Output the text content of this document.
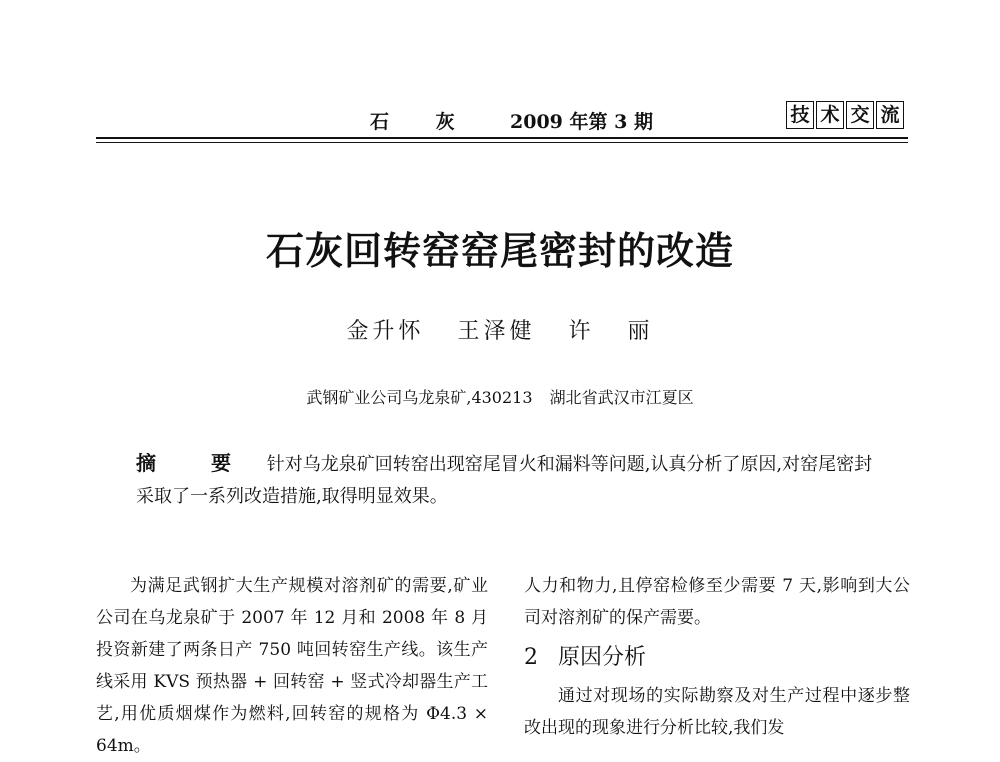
石 灰 2009 年第 3 期	技 术 交 流
石灰回转窑窑尾密封的改造
金升怀 王泽健 许 丽
武钢矿业公司乌龙泉矿,430213 湖北省武汉市江夏区
摘 要 针对乌龙泉矿回转窑出现窑尾冒火和漏料等问题,认真分析了原因,对窑尾密封采取了一系列改造措施,取得明显效果。

为满足武钢扩大生产规模对溶剂矿的需要,矿业公司在乌龙泉矿于 2007 年 12 月和 2008 年 8 月投资新建了两条日产 750 吨回转窑生产线。该生产线采用 KVS 预热器 + 回转窑 + 竖式冷却器生产工艺,用优质烟煤作为燃料,回转窑的规格为 Φ4.3 × 64m。

人力和物力,且停窑检修至少需要 7 天,影响到大公司对溶剂矿的保产需要。

2 原因分析

通过对现场的实际勘察及对生产过程中逐步整改出现的现象进行分析比较,我们发
